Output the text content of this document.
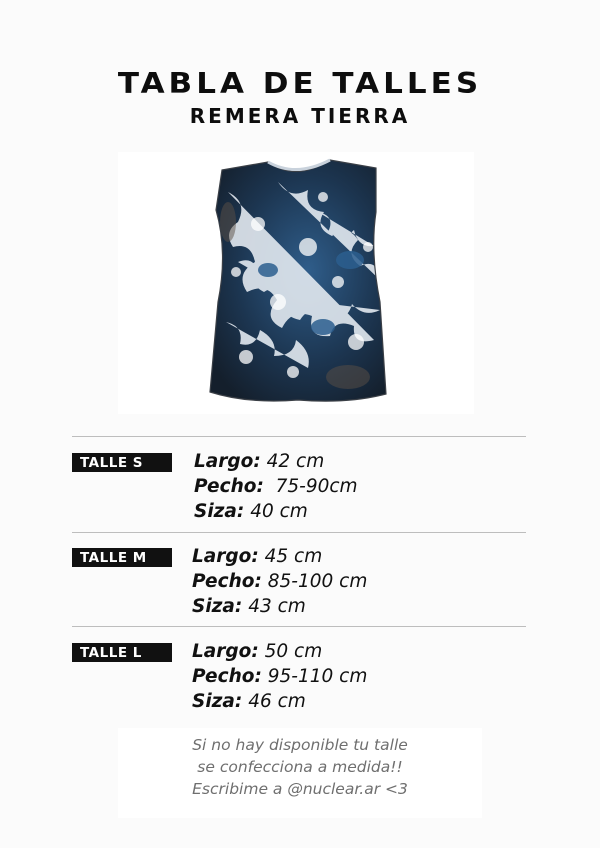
TABLA DE TALLES
REMERA TIERRA
TALLE S	Largo: 42 cm
Pecho:  75-90cm
Siza: 40 cm
TALLE M	Largo: 45 cm
Pecho: 85-100 cm
Siza: 43 cm
TALLE L	Largo: 50 cm
Pecho: 95-110 cm
Siza: 46 cm
Si no hay disponible tu talle
se confecciona a medida!!
Escribime a @nuclear.ar <3
